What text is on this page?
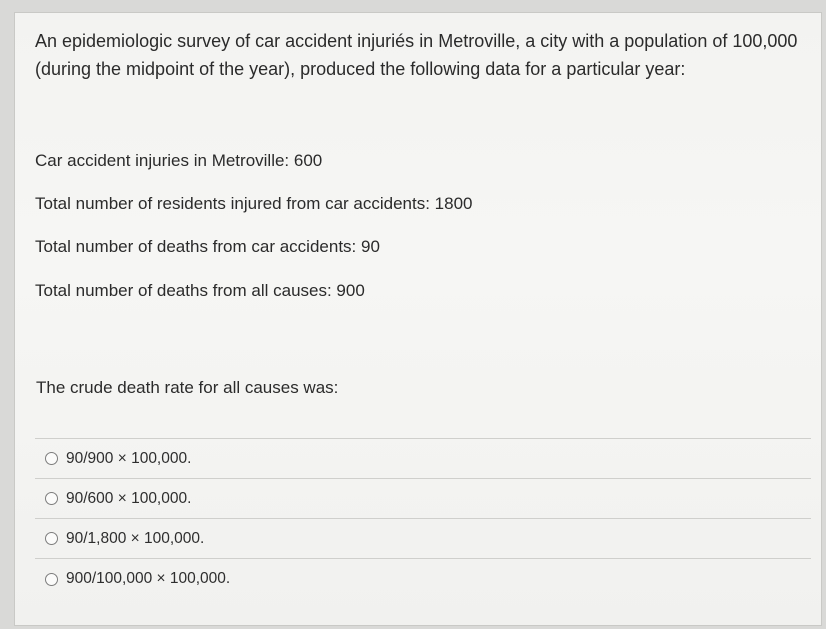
An epidemiologic survey of car accident injuriés in Metroville, a city with a population of 100,000 (during the midpoint of the year), produced the following data for a particular year:

Car accident injuries in Metroville: 600

Total number of residents injured from car accidents: 1800

Total number of deaths from car accidents: 90

Total number of deaths from all causes: 900

The crude death rate for all causes was:

90/900 × 100,000.
90/600 × 100,000.
90/1,800 × 100,000.
900/100,000 × 100,000.
